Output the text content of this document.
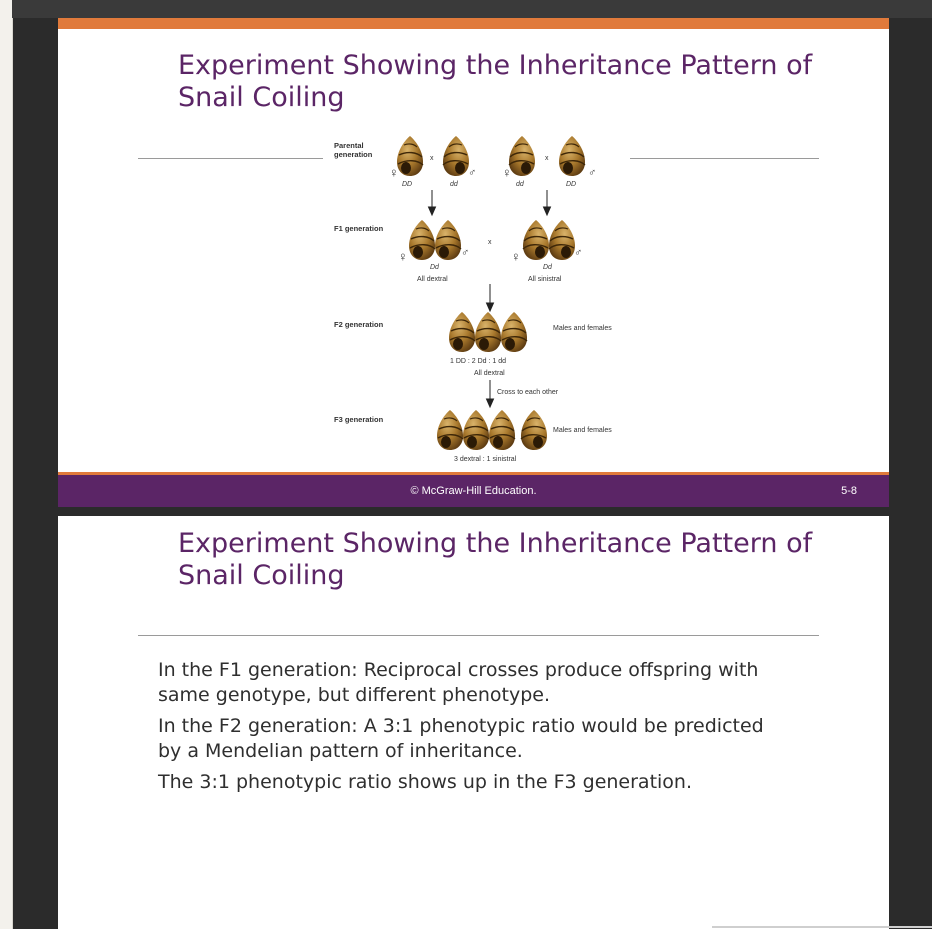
Experiment Showing the Inheritance Pattern of Snail Coiling
Parental generation
F1 generation
F2 generation
F3 generation
x
♀	♂
DD	dd
x
♀	♂
dd	DD
♀	♂
Dd
All dextral
x
♀	♂
Dd
All sinistral
Males and females
1 DD : 2 Dd : 1 dd
All dextral
Cross to each other
Males and females
3 dextral : 1 sinistral
© McGraw-Hill Education.	5-8
Experiment Showing the Inheritance Pattern of Snail Coiling

In the F1 generation: Reciprocal crosses produce offspring with same genotype, but different phenotype.

In the F2 generation: A 3:1 phenotypic ratio would be predicted by a Mendelian pattern of inheritance.

The 3:1 phenotypic ratio shows up in the F3 generation.
